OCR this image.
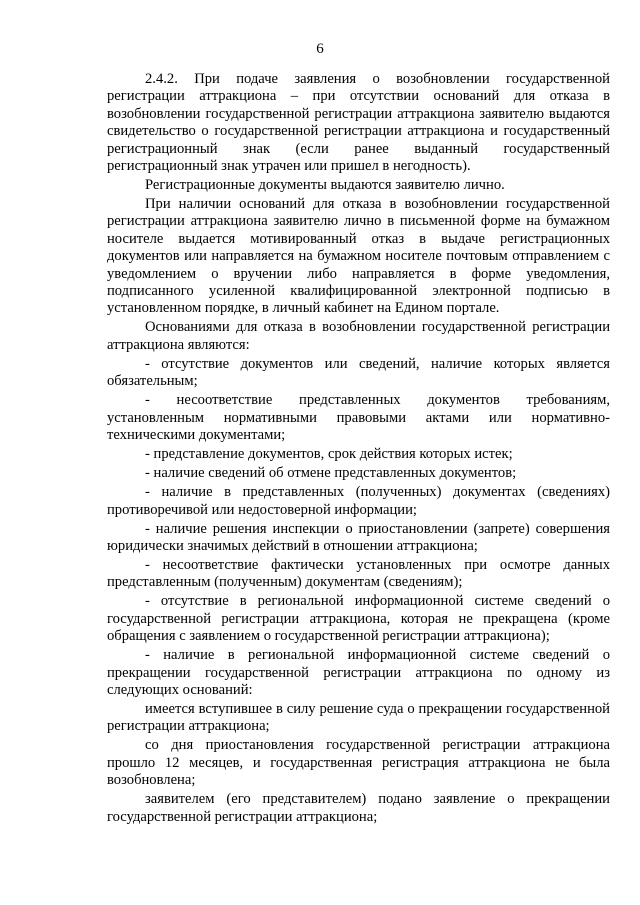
6

2.4.2. При подаче заявления о возобновлении государственной регистрации аттракциона – при отсутствии оснований для отказа в возобновлении государственной регистрации аттракциона заявителю выдаются свидетельство о государственной регистрации аттракциона и государственный регистрационный знак (если ранее выданный государственный регистрационный знак утрачен или пришел в негодность).

Регистрационные документы выдаются заявителю лично.

При наличии оснований для отказа в возобновлении государственной регистрации аттракциона заявителю лично в письменной форме на бумажном носителе выдается мотивированный отказ в выдаче регистрационных документов или направляется на бумажном носителе почтовым отправлением с уведомлением о вручении либо направляется в форме уведомления, подписанного усиленной квалифицированной электронной подписью в установленном порядке, в личный кабинет на Едином портале.

Основаниями для отказа в возобновлении государственной регистрации аттракциона являются:

- отсутствие документов или сведений, наличие которых является обязательным;

- несоответствие представленных документов требованиям, установленным нормативными правовыми актами или нормативно-техническими документами;

- представление документов, срок действия которых истек;

- наличие сведений об отмене представленных документов;

- наличие в представленных (полученных) документах (сведениях) противоречивой или недостоверной информации;

- наличие решения инспекции о приостановлении (запрете) совершения юридически значимых действий в отношении аттракциона;

- несоответствие фактически установленных при осмотре данных представленным (полученным) документам (сведениям);

- отсутствие в региональной информационной системе сведений о государственной регистрации аттракциона, которая не прекращена (кроме обращения с заявлением о государственной регистрации аттракциона);

- наличие в региональной информационной системе сведений о прекращении государственной регистрации аттракциона по одному из следующих оснований:

имеется вступившее в силу решение суда о прекращении государственной регистрации аттракциона;

со дня приостановления государственной регистрации аттракциона прошло 12 месяцев, и государственная регистрация аттракциона не была возобновлена;

заявителем (его представителем) подано заявление о прекращении государственной регистрации аттракциона;
